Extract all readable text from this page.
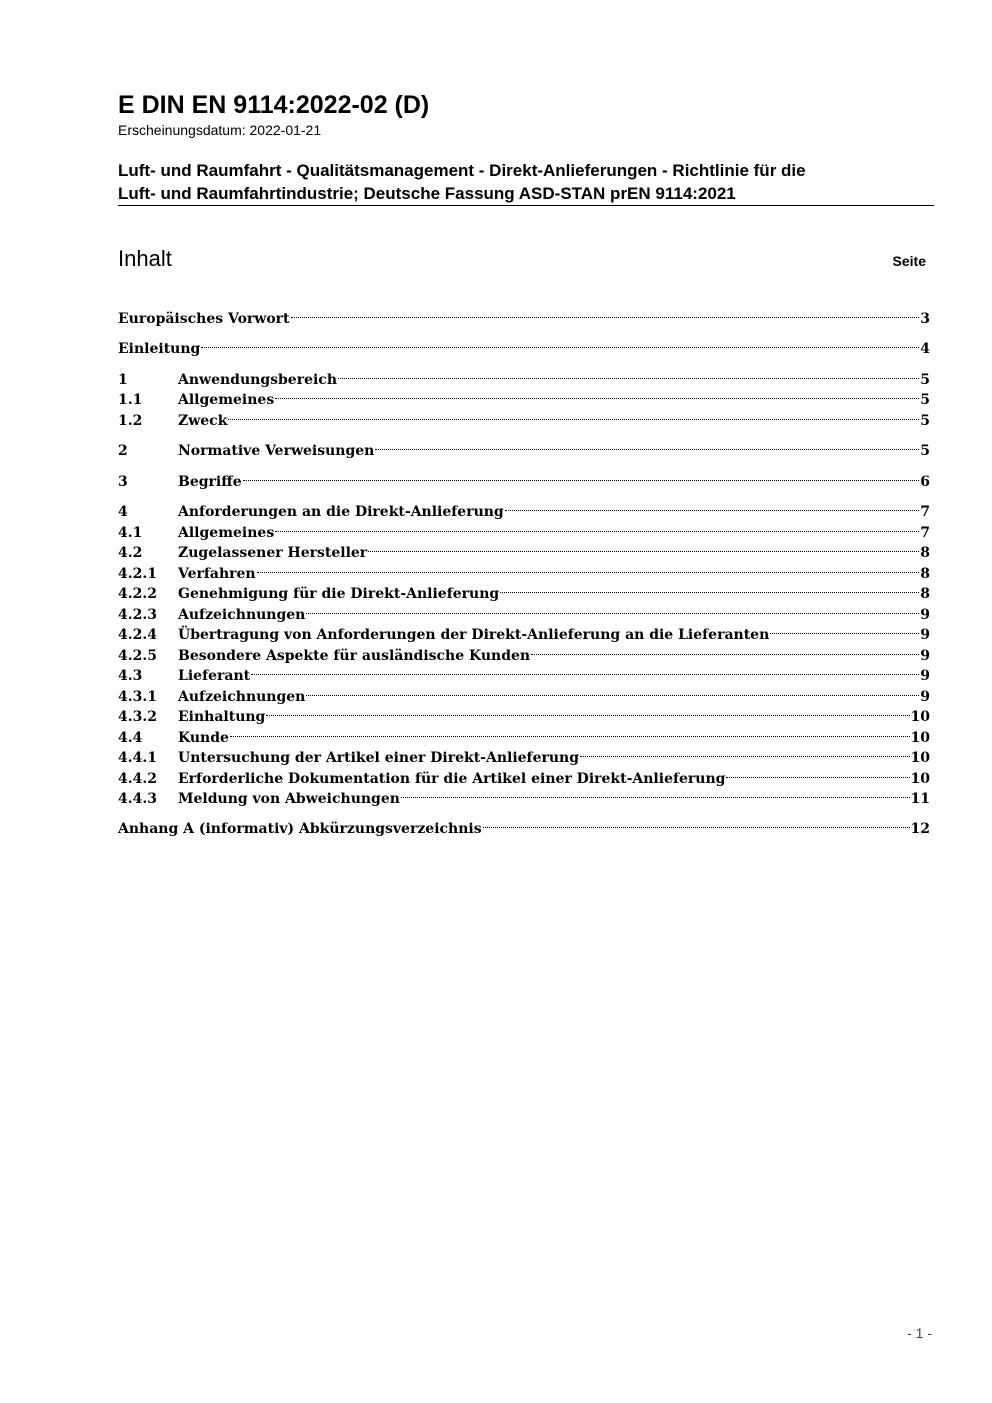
E DIN EN 9114:2022-02 (D)
Erscheinungsdatum: 2022-01-21
Luft- und Raumfahrt - Qualitätsmanagement - Direkt-Anlieferungen - Richtlinie für die
Luft- und Raumfahrtindustrie; Deutsche Fassung ASD-STAN prEN 9114:2021
Inhalt	Seite
Europäisches Vorwort	3
Einleitung	4
1	Anwendungsbereich	5
1.1	Allgemeines	5
1.2	Zweck	5
2	Normative Verweisungen	5
3	Begriffe	6
4	Anforderungen an die Direkt-Anlieferung	7
4.1	Allgemeines	7
4.2	Zugelassener Hersteller	8
4.2.1	Verfahren	8
4.2.2	Genehmigung für die Direkt-Anlieferung	8
4.2.3	Aufzeichnungen	9
4.2.4	Übertragung von Anforderungen der Direkt-Anlieferung an die Lieferanten	9
4.2.5	Besondere Aspekte für ausländische Kunden	9
4.3	Lieferant	9
4.3.1	Aufzeichnungen	9
4.3.2	Einhaltung	10
4.4	Kunde	10
4.4.1	Untersuchung der Artikel einer Direkt-Anlieferung	10
4.4.2	Erforderliche Dokumentation für die Artikel einer Direkt-Anlieferung	10
4.4.3	Meldung von Abweichungen	11
Anhang A (informativ) Abkürzungsverzeichnis	12
- 1 -
